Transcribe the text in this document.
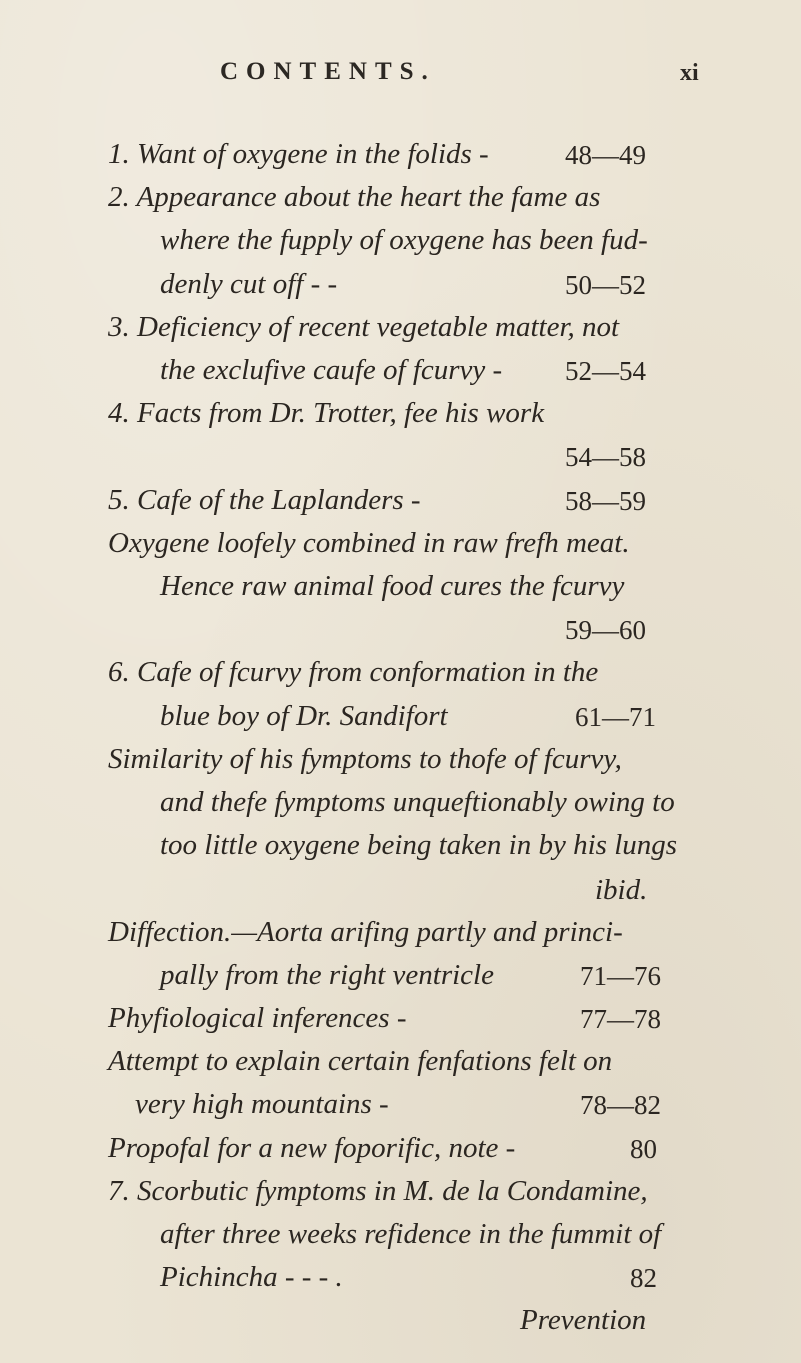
CONTENTS.	xi
1. Want of oxygene in the folids -	48—49
2. Appearance about the heart the fame as
where the fupply of oxygene has been fud-
denly cut off - -	50—52
3. Deficiency of recent vegetable matter, not
the exclufive caufe of fcurvy - 52—54
4. Facts from Dr. Trotter, fee his work
54—58
5. Cafe of the Laplanders -	58—59
Oxygene loofely combined in raw frefh meat.
Hence raw animal food cures the fcurvy
59—60
6. Cafe of fcurvy from conformation in the
blue boy of Dr. Sandifort	61—71
Similarity of his fymptoms to thofe of fcurvy,
and thefe fymptoms unqueftionably owing to
too little oxygene being taken in by his lungs
ibid.
Diffection.—Aorta arifing partly and princi-
pally from the right ventricle	71—76
Phyfiological inferences -	77—78
Attempt to explain certain fenfations felt on
very high mountains -	78—82
Propofal for a new foporific, note -	80
7. Scorbutic fymptoms in M. de la Condamine,
after three weeks refidence in the fummit of
Pichincha - - - .	82
Prevention
